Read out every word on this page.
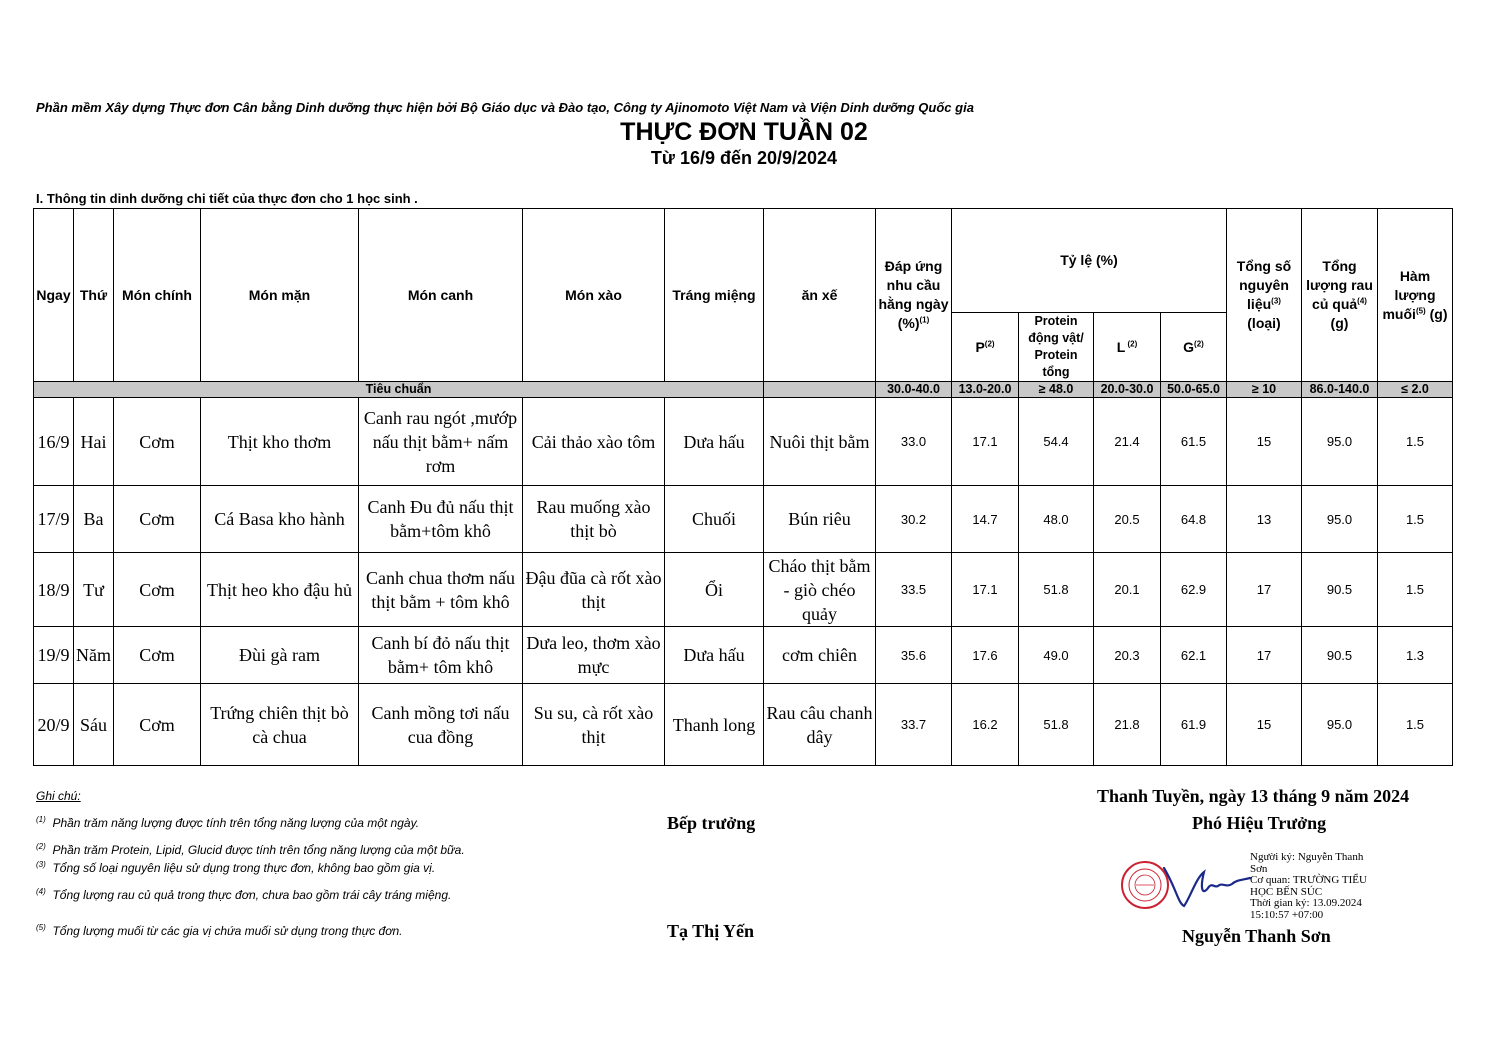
Phần mềm Xây dựng Thực đơn Cân bằng Dinh dưỡng thực hiện bởi Bộ Giáo dục và Đào tạo, Công ty Ajinomoto Việt Nam và Viện Dinh dưỡng Quốc gia
THỰC ĐƠN TUẦN 02
Từ 16/9 đến 20/9/2024
I. Thông tin dinh dưỡng chi tiết của thực đơn cho 1 học sinh .
Ngay	Thứ	Món chính	Món mặn	Món canh	Món xào	Tráng miệng	ăn xế	Đáp ứng nhu cầu hằng ngày (%)$^{(1)}$	Tỷ lệ (%)				Tổng số nguyên liệu$^{(3)}$ (loại)	Tổng lượng rau củ quả$^{(4)}$ (g)	Hàm lượng muối$^{(5)}$ (g)
									$P^{(2)}$	Protein động vật/ Protein tổng	L $^{(2)}$	$G^{(2)}$
Tiêu chuẩn								30.0-40.0	13.0-20.0	≥ 48.0	20.0-30.0	50.0-65.0	≥ 10	86.0-140.0	≤ 2.0
16/9	Hai	Cơm	Thịt kho thơm	Canh rau ngót ,mướp nấu thịt bằm+ nấm rơm	Cải thảo xào tôm	Dưa hấu	Nuôi thịt bằm	33.0	17.1	54.4	21.4	61.5	15	95.0	1.5
17/9	Ba	Cơm	Cá Basa kho hành	Canh Đu đủ nấu thịt bằm+tôm khô	Rau muống xào thịt bò	Chuối	Bún riêu	30.2	14.7	48.0	20.5	64.8	13	95.0	1.5
18/9	Tư	Cơm	Thịt heo kho đậu hủ	Canh chua thơm nấu thịt bằm + tôm khô	Đậu đũa cà rốt xào thịt	Ổi	Cháo thịt bằm - giò chéo quảy	33.5	17.1	51.8	20.1	62.9	17	90.5	1.5
19/9	Năm	Cơm	Đùi gà ram	Canh bí đỏ nấu thịt bằm+ tôm khô	Dưa leo, thơm xào mực	Dưa hấu	cơm chiên	35.6	17.6	49.0	20.3	62.1	17	90.5	1.3
20/9	Sáu	Cơm	Trứng chiên thịt bò cà chua	Canh mồng tơi nấu cua đồng	Su su, cà rốt xào thịt	Thanh long	Rau câu chanh dây	33.7	16.2	51.8	21.8	61.9	15	95.0	1.5
Ghi chú:
$^{(1)}$ Phần trăm năng lượng được tính trên tổng năng lượng của một ngày.
$^{(2)}$ Phần trăm Protein, Lipid, Glucid được tính trên tổng năng lượng của một bữa.
$^{(3)}$ Tổng số loại nguyên liệu sử dụng trong thực đơn, không bao gồm gia vị.
$^{(4)}$ Tổng lượng rau củ quả trong thực đơn, chưa bao gồm trái cây tráng miệng.
$^{(5)}$ Tổng lượng muối từ các gia vị chứa muối sử dụng trong thực đơn.
Thanh Tuyền, ngày 13 tháng 9 năm 2024
Bếp trưởng	Phó Hiệu Trưởng
Tạ Thị Yến	Nguyễn Thanh Sơn
Người ký: Nguyễn Thanh Sơn
Cơ quan: TRƯỜNG TIỂU HỌC BẾN SÚC
Thời gian ký: 13.09.2024 15:10:57 +07:00
